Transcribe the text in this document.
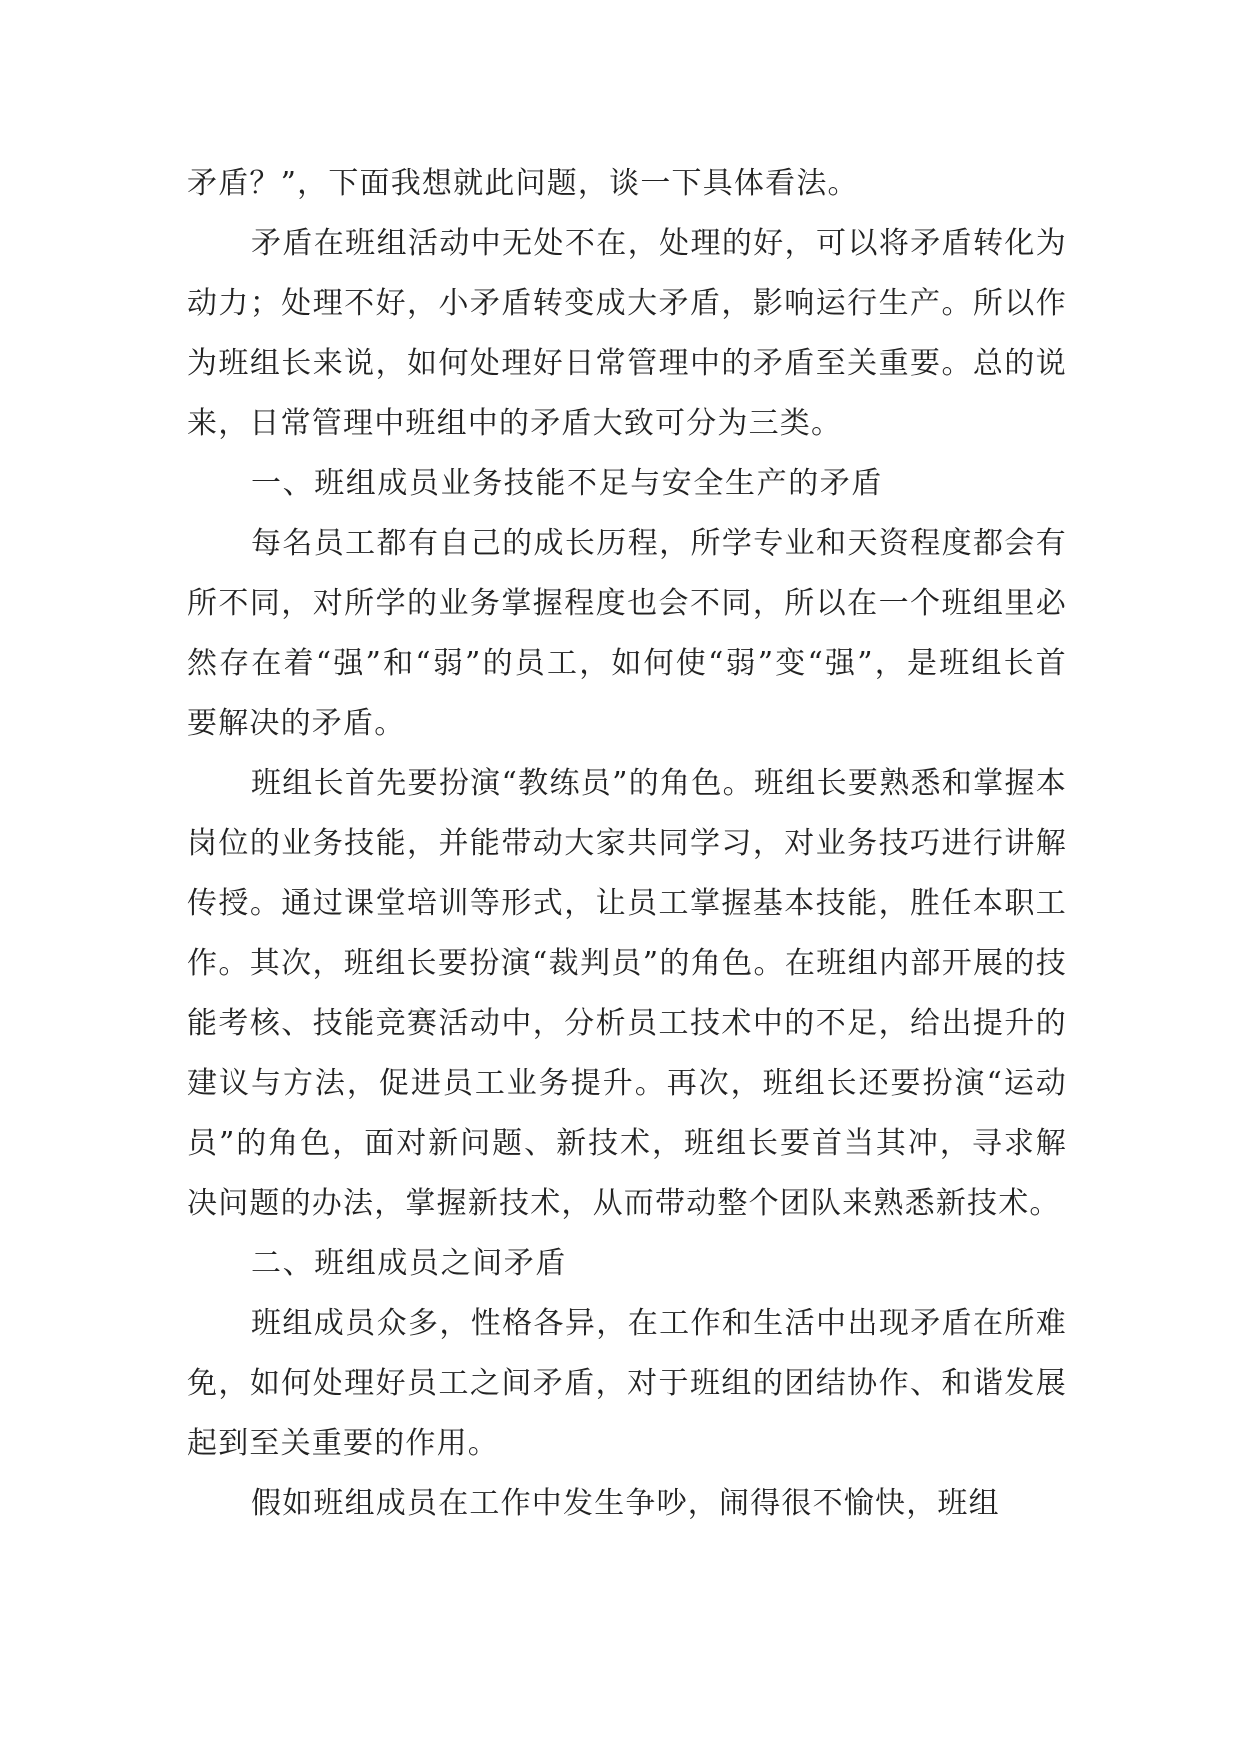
矛盾？”，下面我想就此问题，谈一下具体看法。

矛盾在班组活动中无处不在，处理的好，可以将矛盾转化为动力；处理不好，小矛盾转变成大矛盾，影响运行生产。所以作为班组长来说，如何处理好日常管理中的矛盾至关重要。总的说来，日常管理中班组中的矛盾大致可分为三类。

一、班组成员业务技能不足与安全生产的矛盾

每名员工都有自己的成长历程，所学专业和天资程度都会有所不同，对所学的业务掌握程度也会不同，所以在一个班组里必然存在着“强”和“弱”的员工，如何使“弱”变“强”，是班组长首要解决的矛盾。

班组长首先要扮演“教练员”的角色。班组长要熟悉和掌握本岗位的业务技能，并能带动大家共同学习，对业务技巧进行讲解传授。通过课堂培训等形式，让员工掌握基本技能，胜任本职工作。其次，班组长要扮演“裁判员”的角色。在班组内部开展的技能考核、技能竞赛活动中，分析员工技术中的不足，给出提升的建议与方法，促进员工业务提升。再次，班组长还要扮演“运动员”的角色，面对新问题、新技术，班组长要首当其冲，寻求解决问题的办法，掌握新技术，从而带动整个团队来熟悉新技术。

二、班组成员之间矛盾

班组成员众多，性格各异，在工作和生活中出现矛盾在所难免，如何处理好员工之间矛盾，对于班组的团结协作、和谐发展起到至关重要的作用。

假如班组成员在工作中发生争吵，闹得很不愉快，班组
